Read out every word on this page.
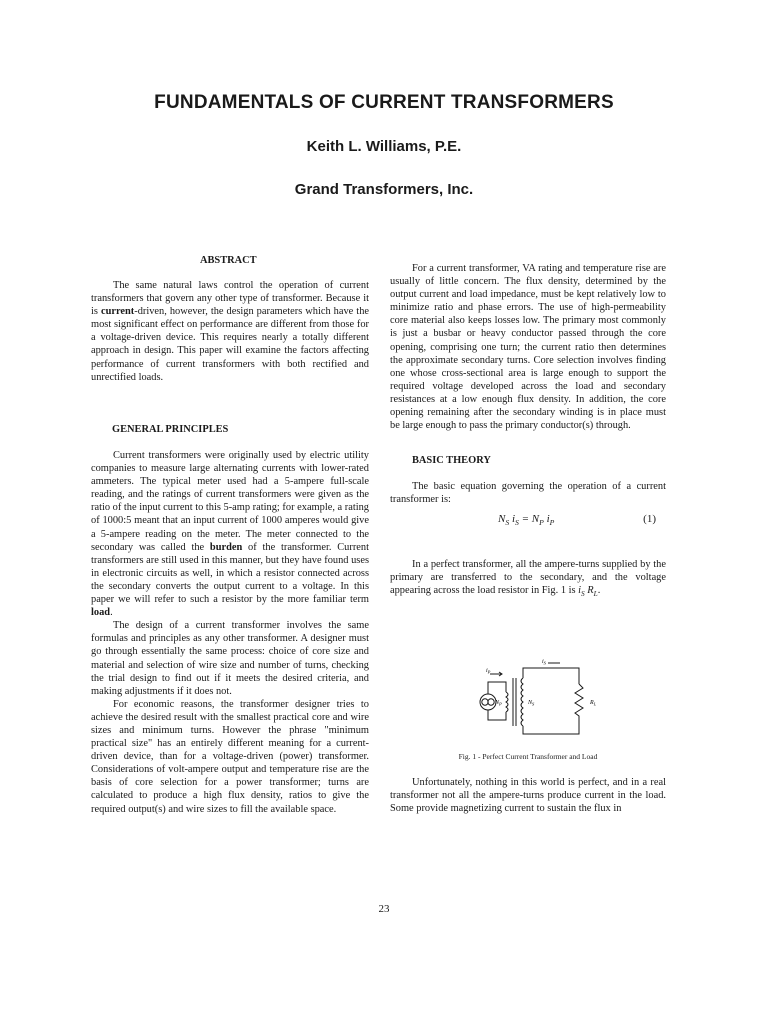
FUNDAMENTALS OF CURRENT TRANSFORMERS
Keith L. Williams, P.E.
Grand Transformers, Inc.
ABSTRACT

The same natural laws control the operation of current transformers that govern any other type of transformer. Because it is current-driven, however, the design parameters which have the most significant effect on performance are different from those for a voltage-driven device. This requires nearly a totally different approach in design. This paper will examine the factors affecting performance of current transformers with both rectified and unrectified loads.

GENERAL PRINCIPLES

Current transformers were originally used by electric utility companies to measure large alternating currents with lower-rated ammeters. The typical meter used had a 5-ampere full-scale reading, and the ratings of current transformers were given as the ratio of the input current to this 5-amp rating; for example, a rating of 1000:5 meant that an input current of 1000 amperes would give a 5-ampere reading on the meter. The meter connected to the secondary was called the burden of the transformer. Current transformers are still used in this manner, but they have found uses in electronic circuits as well, in which a resistor connected across the secondary converts the output current to a voltage. In this paper we will refer to such a resistor by the more familiar term load.

The design of a current transformer involves the same formulas and principles as any other transformer. A designer must go through essentially the same process: choice of core size and material and selection of wire size and number of turns, checking the trial design to find out if it meets the desired criteria, and making adjustments if it does not.

For economic reasons, the transformer designer tries to achieve the desired result with the smallest practical core and wire sizes and minimum turns. However the phrase "minimum practical size" has an entirely different meaning for a current-driven device, than for a voltage-driven (power) transformer. Considerations of volt-ampere output and temperature rise are the basis of core selection for a power transformer; turns are calculated to produce a high flux density, ratios to give the required output(s) and wire sizes to fill the available space.

For a current transformer, VA rating and temperature rise are usually of little concern. The flux density, determined by the output current and load impedance, must be kept relatively low to minimize ratio and phase errors. The use of high-permeability core material also keeps losses low. The primary most commonly is just a busbar or heavy conductor passed through the core opening, comprising one turn; the current ratio then determines the approximate secondary turns. Core selection involves finding one whose cross-sectional area is large enough to support the required voltage developed across the load and secondary resistances at a low enough flux density. In addition, the core opening remaining after the secondary winding is in place must be large enough to pass the primary conductor(s) through.

BASIC THEORY

The basic equation governing the operation of a current transformer is:

$N_S$ $i_S = N_P$ $i_P$	(1)

In a perfect transformer, all the ampere-turns supplied by the primary are transferred to the secondary, and the voltage appearing across the load resistor in Fig. 1 is $i_S$ $R_L$.

$i_P$
$i_S$
$N_P$	$N_S$	$R_L$
Fig. 1 - Perfect Current Transformer and Load

Unfortunately, nothing in this world is perfect, and in a real transformer not all the ampere-turns produce current in the load. Some provide magnetizing current to sustain the flux in

23
